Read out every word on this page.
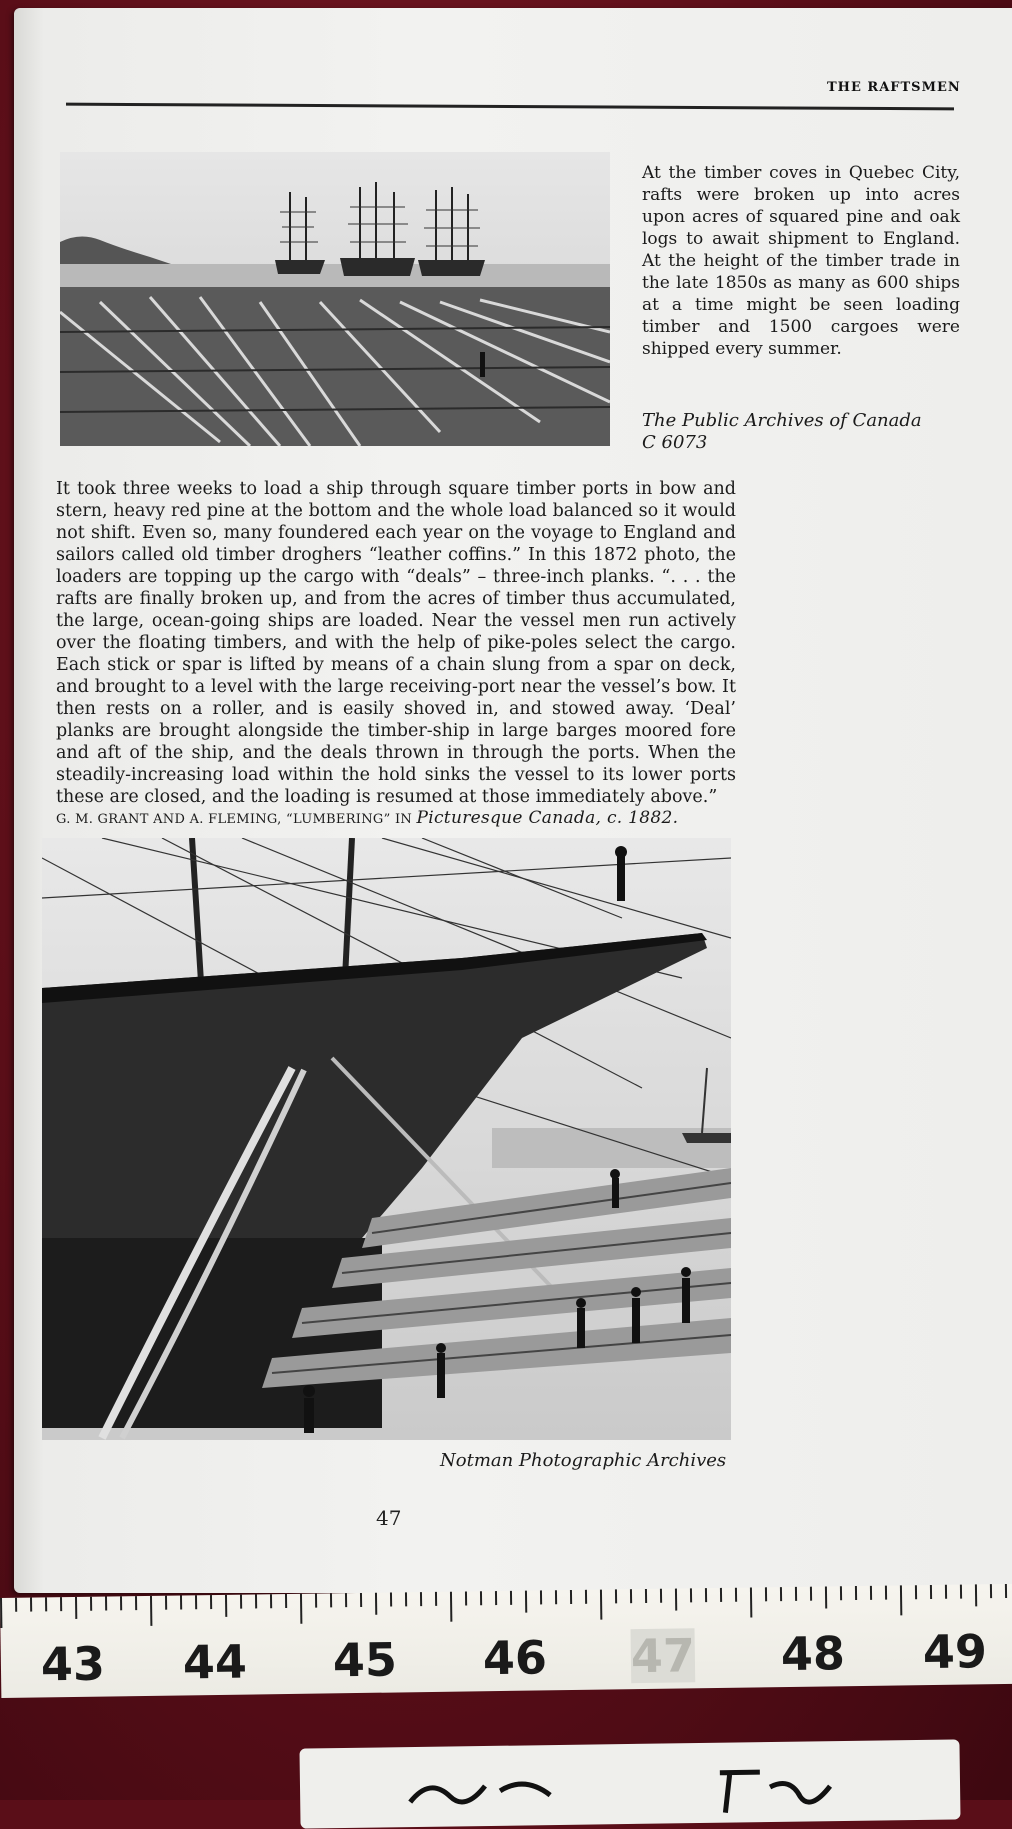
THE RAFTSMEN
At the timber coves in Quebec City, rafts were broken up into acres upon acres of squared pine and oak logs to await shipment to England. At the height of the timber trade in the late 1850s as many as 600 ships at a time might be seen loading timber and 1500 cargoes were shipped every summer.
The Public Archives of Canada
C 6073
It took three weeks to load a ship through square timber ports in bow and stern, heavy red pine at the bottom and the whole load balanced so it would not shift. Even so, many foundered each year on the voyage to England and sailors called old timber droghers “leather coffins.” In this 1872 photo, the loaders are topping up the cargo with “deals” – three-inch planks. “. . . the rafts are finally broken up, and from the acres of timber thus accumulated, the large, ocean-going ships are loaded. Near the vessel men run actively over the floating timbers, and with the help of pike-poles select the cargo. Each stick or spar is lifted by means of a chain slung from a spar on deck, and brought to a level with the large receiving-port near the vessel’s bow. It then rests on a roller, and is easily shoved in, and stowed away. ‘Deal’ planks are brought alongside the timber-ship in large barges moored fore and aft of the ship, and the deals thrown in through the ports. When the steadily-increasing load within the hold sinks the vessel to its lower ports these are closed, and the loading is resumed at those immediately above.”
G. M. GRANT AND A. FLEMING, “LUMBERING” IN Picturesque Canada, c. 1882.
Notman Photographic Archives
47
43 44 45 46 47 48 49
